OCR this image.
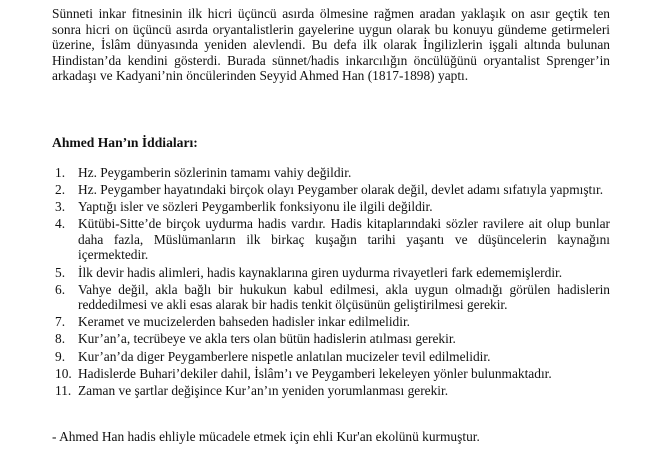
Sünneti inkar fitnesinin ilk hicri üçüncü asırda ölmesine rağmen aradan yaklaşık on asır geçtik ten sonra hicri on üçüncü asırda oryantalistlerin gayelerine uygun olarak bu konuyu gündeme getirmeleri üzerine, İslâm dünyasında yeniden alevlendi. Bu defa ilk olarak İngilizlerin işgali altında bulunan Hindistan’da kendini gösterdi. Burada sünnet/hadis inkarcılığın öncülüğünü oryantalist Sprenger’in arkadaşı ve Kadyani’nin öncülerinden Seyyid Ahmed Han (1817-1898) yaptı.

Ahmed Han’ın İddiaları:

1. Hz. Peygamberin sözlerinin tamamı vahiy değildir.
2. Hz. Peygamber hayatındaki birçok olayı Peygamber olarak değil, devlet adamı sıfatıyla yapmıştır.
3. Yaptığı isler ve sözleri Peygamberlik fonksiyonu ile ilgili değildir.
4. Kütübi-Sitte’de birçok uydurma hadis vardır. Hadis kitaplarındaki sözler ravilere ait olup bunlar daha fazla, Müslümanların ilk birkaç kuşağın tarihi yaşantı ve düşüncelerin kaynağını içermektedir.
5. İlk devir hadis alimleri, hadis kaynaklarına giren uydurma rivayetleri fark edememişlerdir.
6. Vahye değil, akla bağlı bir hukukun kabul edilmesi, akla uygun olmadığı görülen hadislerin reddedilmesi ve akli esas alarak bir hadis tenkit ölçüsünün geliştirilmesi gerekir.
7. Keramet ve mucizelerden bahseden hadisler inkar edilmelidir.
8. Kur’an’a, tecrübeye ve akla ters olan bütün hadislerin atılması gerekir.
9. Kur’an’da diger Peygamberlere nispetle anlatılan mucizeler tevil edilmelidir.
10. Hadislerde Buhari’dekiler dahil, İslâm’ı ve Peygamberi lekeleyen yönler bulunmaktadır.
11. Zaman ve şartlar değişince Kur’an’ın yeniden yorumlanması gerekir.

- Ahmed Han hadis ehliyle mücadele etmek için ehli Kur'an ekolünü kurmuştur.
